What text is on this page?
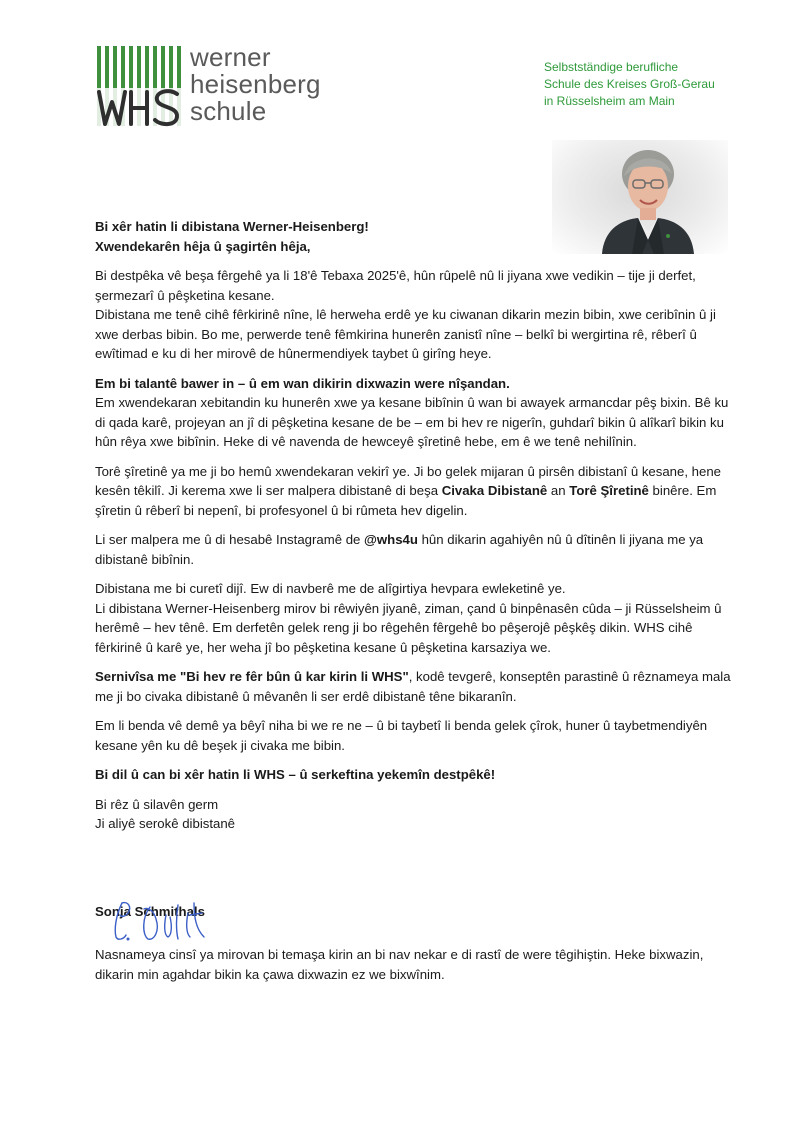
werner
heisenberg
schule
Selbstständige berufliche
Schule des Kreises Groß-Gerau
in Rüsselsheim am Main

Bi xêr hatin li dibistana Werner-Heisenberg!

Xwendekarên hêja û şagirtên hêja,

Bi destpêka vê beşa fêrgehê ya li 18'ê Tebaxa 2025'ê, hûn rûpelê nû li jiyana xwe vedikin – tije ji derfet, şermezarî û pêşketina kesane.

Dibistana me tenê cihê fêrkirinê nîne, lê herweha erdê ye ku ciwanan dikarin mezin bibin, xwe ceribînin û ji xwe derbas bibin. Bo me, perwerde tenê fêmkirina hunerên zanistî nîne – belkî bi wergirtina rê, rêberî û ewîtimad e ku di her mirovê de hûnermendiyek taybet û girîng heye.

Em bi talantê bawer in – û em wan dikirin dixwazin were nîşandan.

Em xwendekaran xebitandin ku hunerên xwe ya kesane bibînin û wan bi awayek armancdar pêş bixin. Bê ku di qada karê, projeyan an jî di pêşketina kesane de be – em bi hev re nigerîn, guhdarî bikin û alîkarî bikin ku hûn rêya xwe bibînin. Heke di vê navenda de hewceyê şîretinê hebe, em ê we tenê nehilînin.

Torê şîretinê ya me ji bo hemû xwendekaran vekirî ye. Ji bo gelek mijaran û pirsên dibistanî û kesane, hene kesên têkilî. Ji kerema xwe li ser malpera dibistanê di beşa Civaka Dibistanê an Torê Şîretinê binêre. Em şîretin û rêberî bi nepenî, bi profesyonel û bi rûmeta hev digelin.

Li ser malpera me û di hesabê Instagramê de @whs4u hûn dikarin agahiyên nû û dîtinên li jiyana me ya dibistanê bibînin.

Dibistana me bi curetî dijî. Ew di navberê me de alîgirtiya hevpara ewleketinê ye.

Li dibistana Werner-Heisenberg mirov bi rêwiyên jiyanê, ziman, çand û binpênasên cûda – ji Rüsselsheim û herêmê – hev tênê. Em derfetên gelek reng ji bo rêgehên fêrgehê bo pêşerojê pêşkêş dikin. WHS cihê fêrkirinê û karê ye, her weha jî bo pêşketina kesane û pêşketina karsaziya we.

Sernivîsa me "Bi hev re fêr bûn û kar kirin li WHS", kodê tevgerê, konseptên parastinê û rêznameya mala me ji bo civaka dibistanê û mêvanên li ser erdê dibistanê têne bikaranîn.

Em li benda vê demê ya bêyî niha bi we re ne – û bi taybetî li benda gelek çîrok, huner û taybetmendiyên kesane yên ku dê beşek ji civaka me bibin.

Bi dil û can bi xêr hatin li WHS – û serkeftina yekemîn destpêkê!

Bi rêz û silavên germ

Ji aliyê serokê dibistanê

Sonja Schmithals

Nasnameya cinsî ya mirovan bi temaşa kirin an bi nav nekar e di rastî de were têgihiştin. Heke bixwazin, dikarin min agahdar bikin ka çawa dixwazin ez we bixwînim.
